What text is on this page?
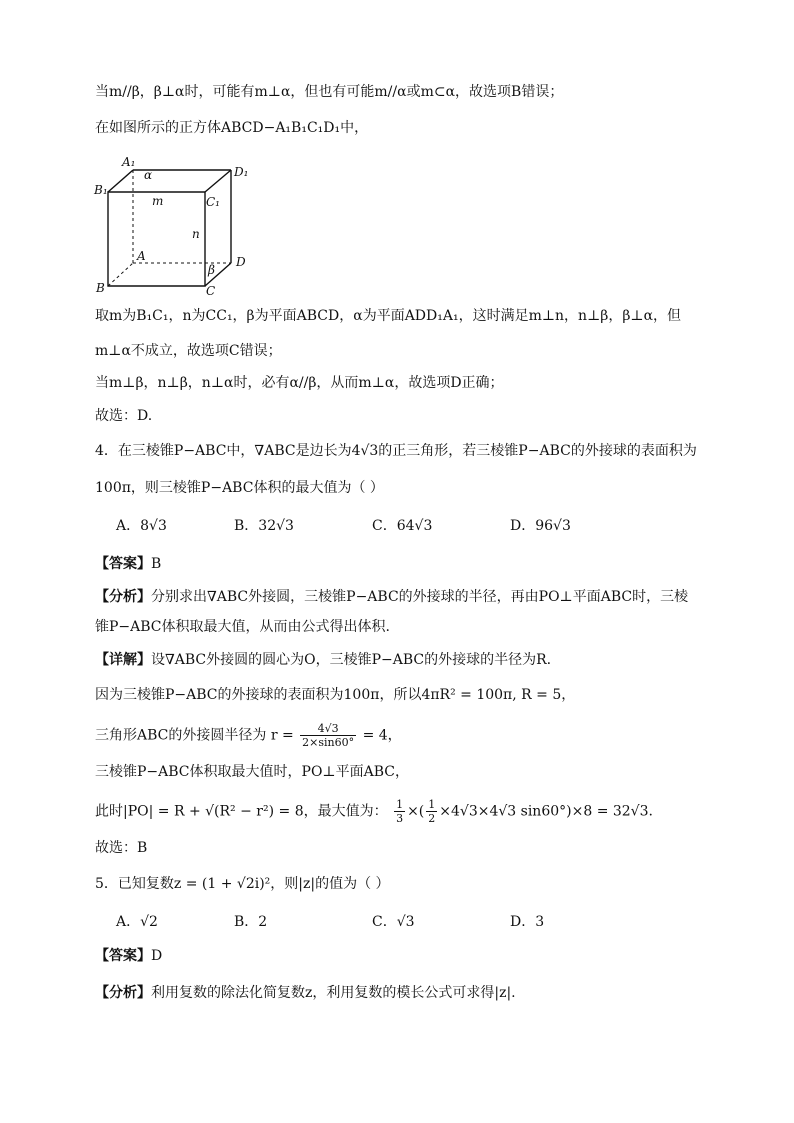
当m//β，β⊥α时，可能有m⊥α，但也有可能m//α或m⊂α，故选项B错误；
在如图所示的正方体ABCD−A₁B₁C₁D₁中，
A₁
D₁
B₁
C₁
A	D
B	C
α
β
m
n
取m为B₁C₁，n为CC₁，β为平面ABCD，α为平面ADD₁A₁，这时满足m⊥n，n⊥β，β⊥α，但
m⊥α不成立，故选项C错误；
当m⊥β，n⊥β，n⊥α时，必有α//β，从而m⊥α，故选项D正确；
故选：D.
4．在三棱锥P−ABC中，∇ABC是边长为4√3的正三角形，若三棱锥P−ABC的外接球的表面积为
100π，则三棱锥P−ABC体积的最大值为（ ）
A．8√3	B．32√3	C．64√3	D．96√3
【答案】B
【分析】分别求出∇ABC外接圆，三棱锥P−ABC的外接球的半径，再由PO⊥平面ABC时，三棱
锥P−ABC体积取最大值，从而由公式得出体积.
【详解】设∇ABC外接圆的圆心为O，三棱锥P−ABC的外接球的半径为R.
因为三棱锥P−ABC的外接球的表面积为100π，所以4πR² = 100π, R = 5，
三角形ABC的外接圆半径为 $r = \frac{4√3}{2\times\sin 60^\circ} = 4$，
三棱锥P−ABC体积取最大值时，PO⊥平面ABC，
此时|PO| = R + √(R² − r²) = 8，最大值为： $\frac{1}{3}$ ×( $\frac{1}{2} \times 4√3\times 4√3$ sin60°)×8 = 32√3.
故选：B
5．已知复数z = (1 + √2i)²，则|z|的值为（ ）
A．√2	B．2	C．√3	D．3
【答案】D
【分析】利用复数的除法化简复数z，利用复数的模长公式可求得|z|.
